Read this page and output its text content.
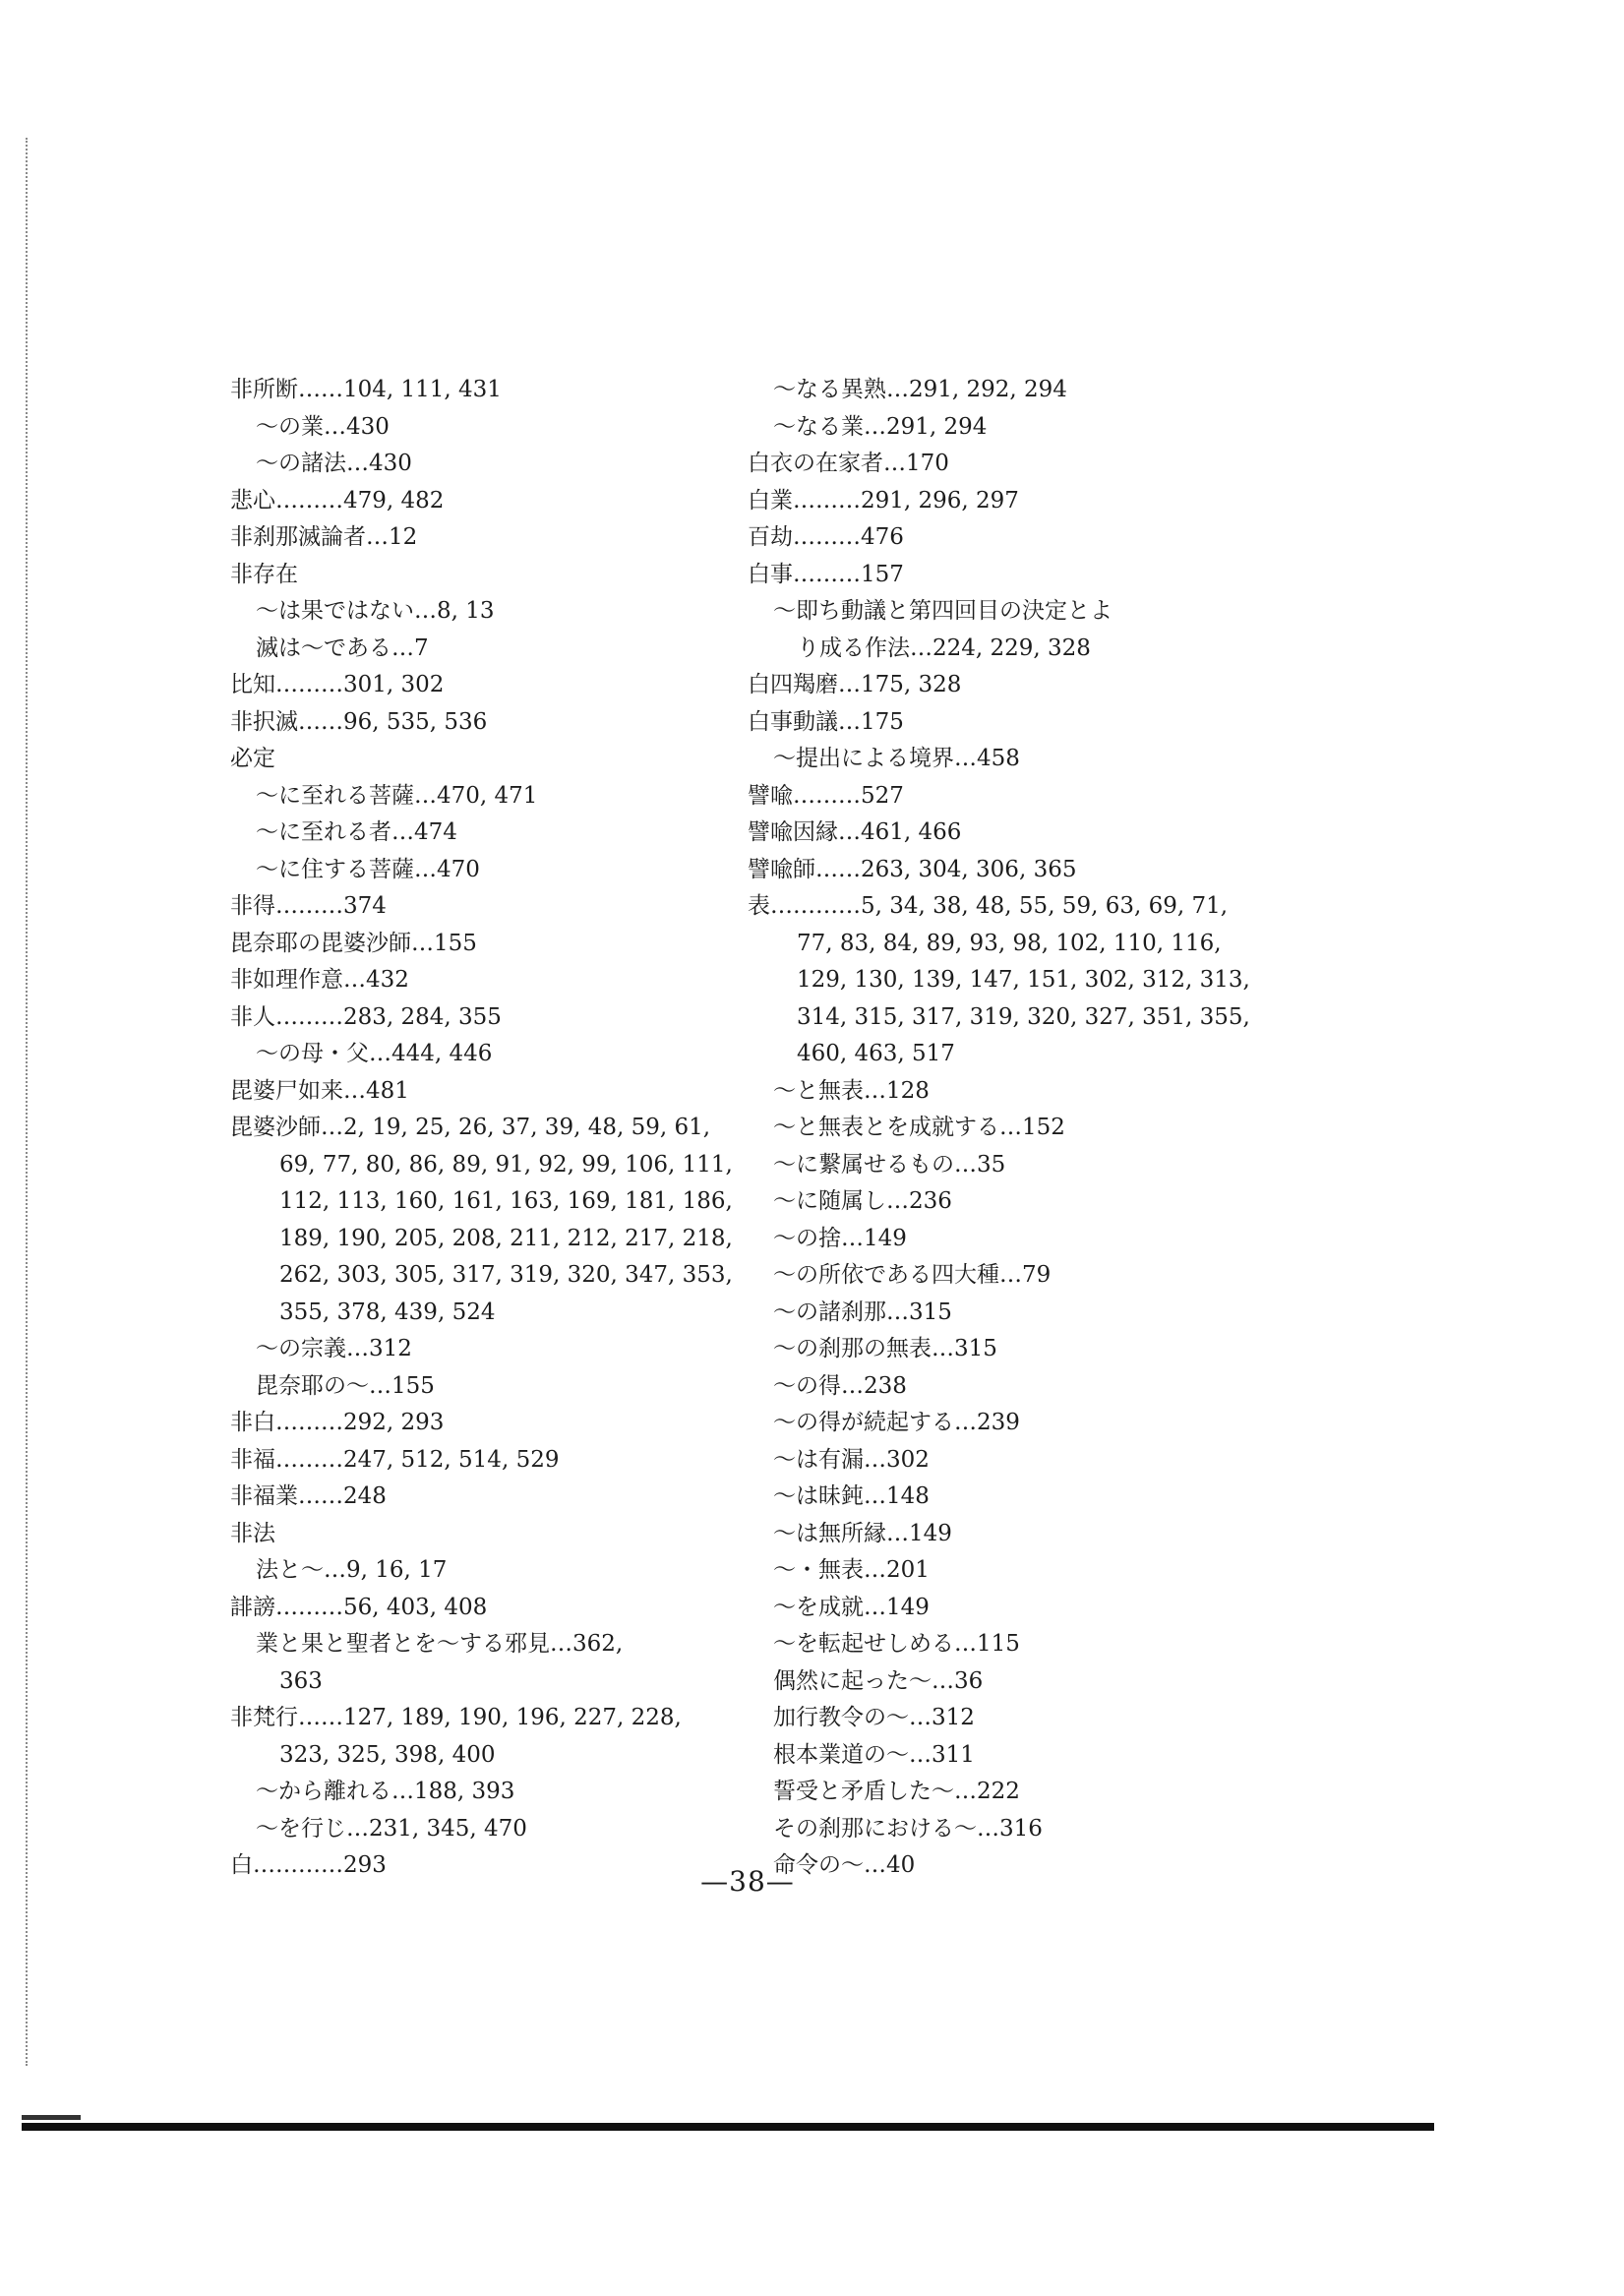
非所断……104, 111, 431
～の業…430
～の諸法…430
悲心………479, 482
非刹那滅論者…12
非存在
～は果ではない…8, 13
滅は～である…7
比知………301, 302
非択滅……96, 535, 536
必定
～に至れる菩薩…470, 471
～に至れる者…474
～に住する菩薩…470
非得………374
毘奈耶の毘婆沙師…155
非如理作意…432
非人………283, 284, 355
～の母・父…444, 446
毘婆尸如来…481
毘婆沙師…2, 19, 25, 26, 37, 39, 48, 59, 61,
69, 77, 80, 86, 89, 91, 92, 99, 106, 111,
112, 113, 160, 161, 163, 169, 181, 186,
189, 190, 205, 208, 211, 212, 217, 218,
262, 303, 305, 317, 319, 320, 347, 353,
355, 378, 439, 524
～の宗義…312
毘奈耶の～…155
非白………292, 293
非福………247, 512, 514, 529
非福業……248
非法
法と～…9, 16, 17
誹謗………56, 403, 408
業と果と聖者とを～する邪見…362,
363
非梵行……127, 189, 190, 196, 227, 228,
323, 325, 398, 400
～から離れる…188, 393
～を行じ…231, 345, 470
白…………293
～なる異熟…291, 292, 294
～なる業…291, 294
白衣の在家者…170
白業………291, 296, 297
百劫………476
白事………157
～即ち動議と第四回目の決定とよ
り成る作法…224, 229, 328
白四羯磨…175, 328
白事動議…175
～提出による境界…458
譬喩………527
譬喩因縁…461, 466
譬喩師……263, 304, 306, 365
表…………5, 34, 38, 48, 55, 59, 63, 69, 71,
77, 83, 84, 89, 93, 98, 102, 110, 116,
129, 130, 139, 147, 151, 302, 312, 313,
314, 315, 317, 319, 320, 327, 351, 355,
460, 463, 517
～と無表…128
～と無表とを成就する…152
～に繋属せるもの…35
～に随属し…236
～の捨…149
～の所依である四大種…79
～の諸刹那…315
～の刹那の無表…315
～の得…238
～の得が続起する…239
～は有漏…302
～は昧鈍…148
～は無所縁…149
～・無表…201
～を成就…149
～を転起せしめる…115
偶然に起った～…36
加行教令の～…312
根本業道の～…311
誓受と矛盾した～…222
その刹那における～…316
命令の～…40
—38—
